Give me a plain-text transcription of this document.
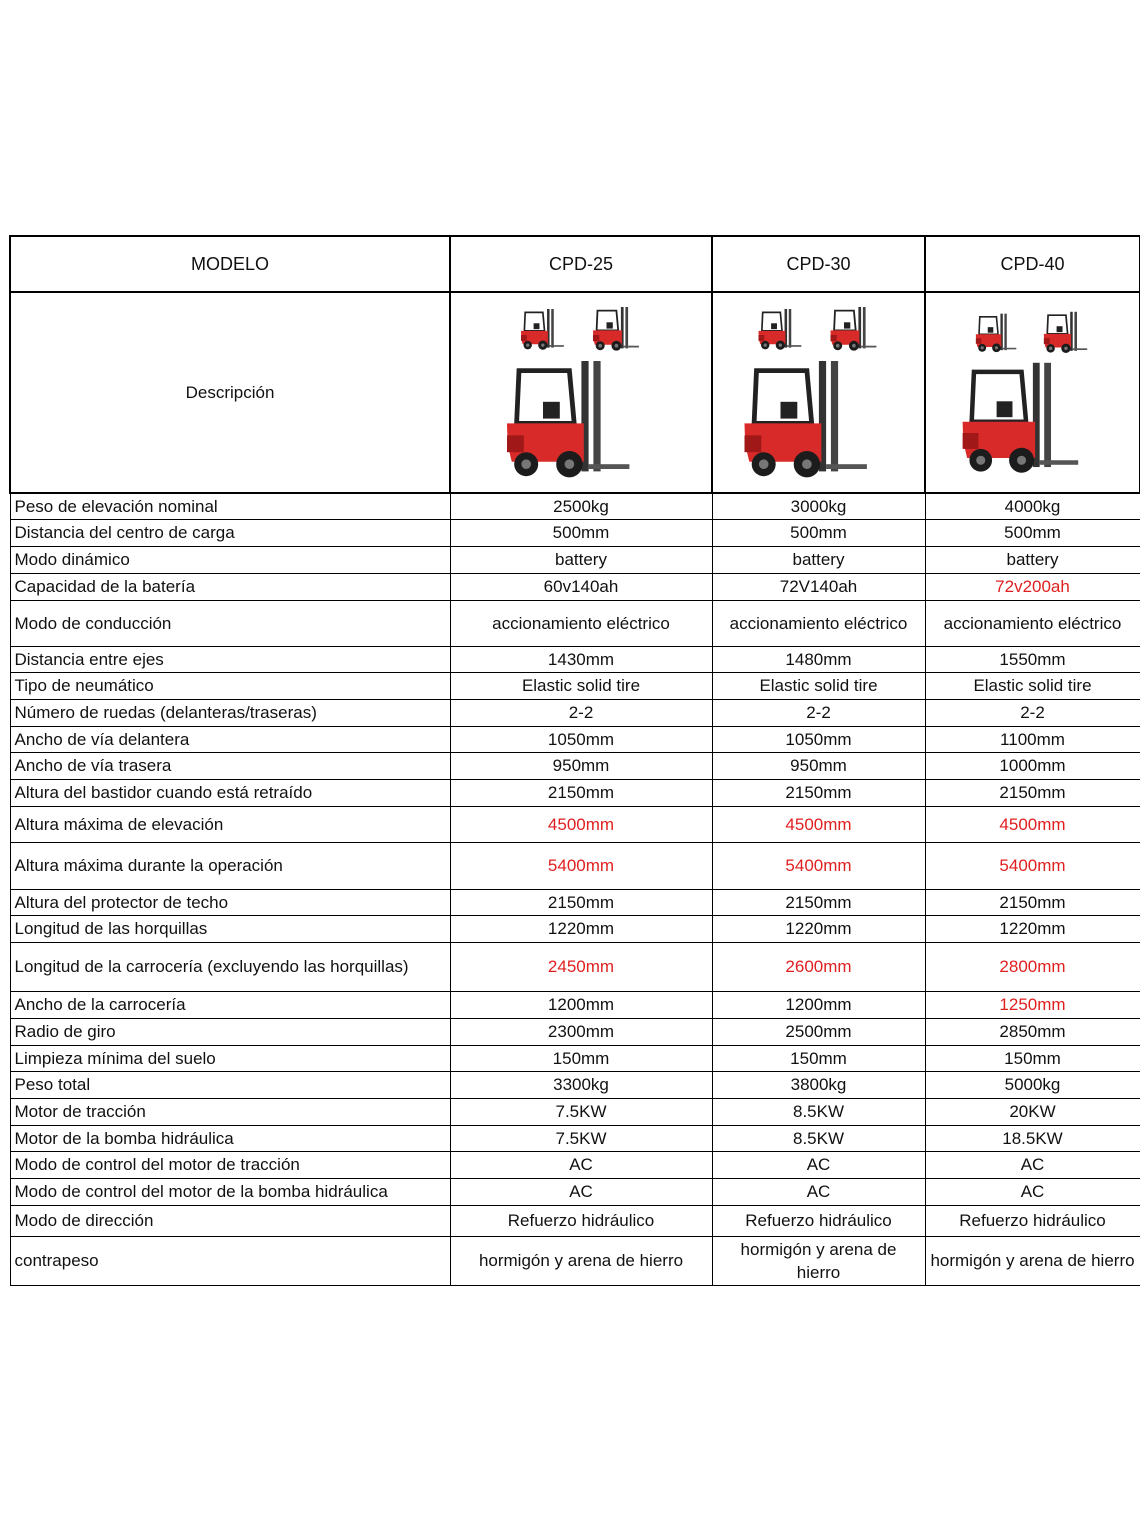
MODELO	CPD-25	CPD-30	CPD-40
Descripción	

Peso de elevación nominal	2500kg	3000kg	4000kg
Distancia del centro de carga	500mm	500mm	500mm
Modo dinámico	battery	battery	battery
Capacidad de la batería	60v140ah	72V140ah	72v200ah
Modo de conducción	accionamiento eléctrico	accionamiento eléctrico	accionamiento eléctrico
Distancia entre ejes	1430mm	1480mm	1550mm
Tipo de neumático	Elastic solid tire	Elastic solid tire	Elastic solid tire
Número de ruedas (delanteras/traseras)	2-2	2-2	2-2
Ancho de vía delantera	1050mm	1050mm	1100mm
Ancho de vía trasera	950mm	950mm	1000mm
Altura del bastidor cuando está retraído	2150mm	2150mm	2150mm
Altura máxima de elevación	4500mm	4500mm	4500mm
Altura máxima durante la operación	5400mm	5400mm	5400mm
Altura del protector de techo	2150mm	2150mm	2150mm
Longitud de las horquillas	1220mm	1220mm	1220mm
Longitud de la carrocería (excluyendo las horquillas)	2450mm	2600mm	2800mm
Ancho de la carrocería	1200mm	1200mm	1250mm
Radio de giro	2300mm	2500mm	2850mm
Limpieza mínima del suelo	150mm	150mm	150mm
Peso total	3300kg	3800kg	5000kg
Motor de tracción	7.5KW	8.5KW	20KW
Motor de la bomba hidráulica	7.5KW	8.5KW	18.5KW
Modo de control del motor de tracción	AC	AC	AC
Modo de control del motor de la bomba hidráulica	AC	AC	AC
Modo de dirección	Refuerzo hidráulico	Refuerzo hidráulico	Refuerzo hidráulico
contrapeso	hormigón y arena de hierro	hormigón y arena de hierro	hormigón y arena de hierro
